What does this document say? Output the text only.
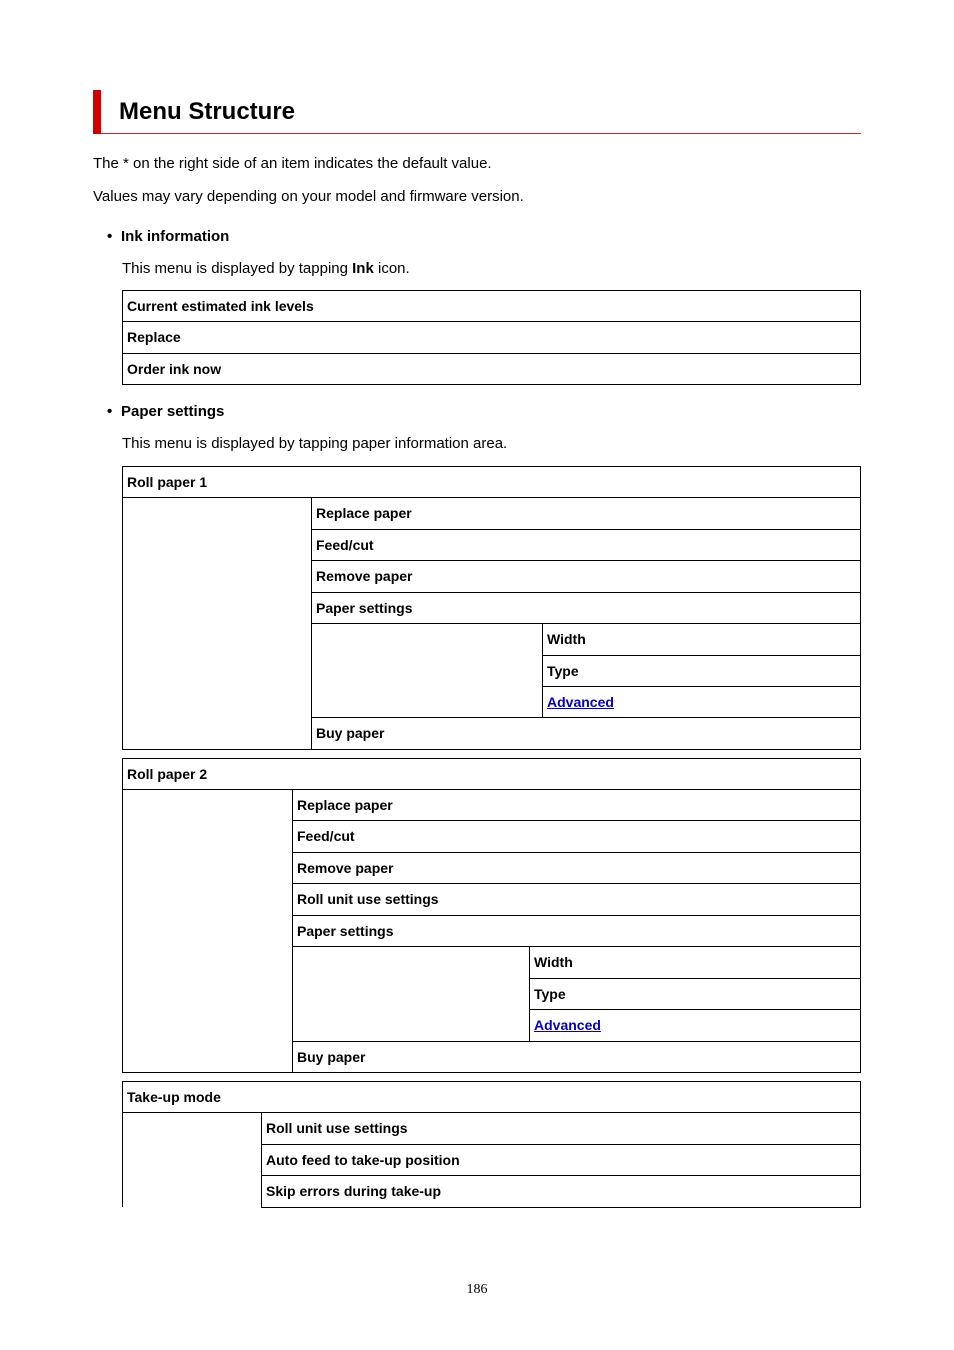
Menu Structure
The * on the right side of an item indicates the default value.
Values may vary depending on your model and firmware version.
• Ink information
This menu is displayed by tapping Ink icon.
Current estimated ink levels
Replace
Order ink now
• Paper settings
This menu is displayed by tapping paper information area.
Roll paper 1
Replace paper
Feed/cut
Remove paper
Paper settings
Width
Type
Advanced
Buy paper
Roll paper 2
Replace paper
Feed/cut
Remove paper
Roll unit use settings
Paper settings
Width
Type
Advanced
Buy paper
Take-up mode
Roll unit use settings
Auto feed to take-up position
Skip errors during take-up
186
